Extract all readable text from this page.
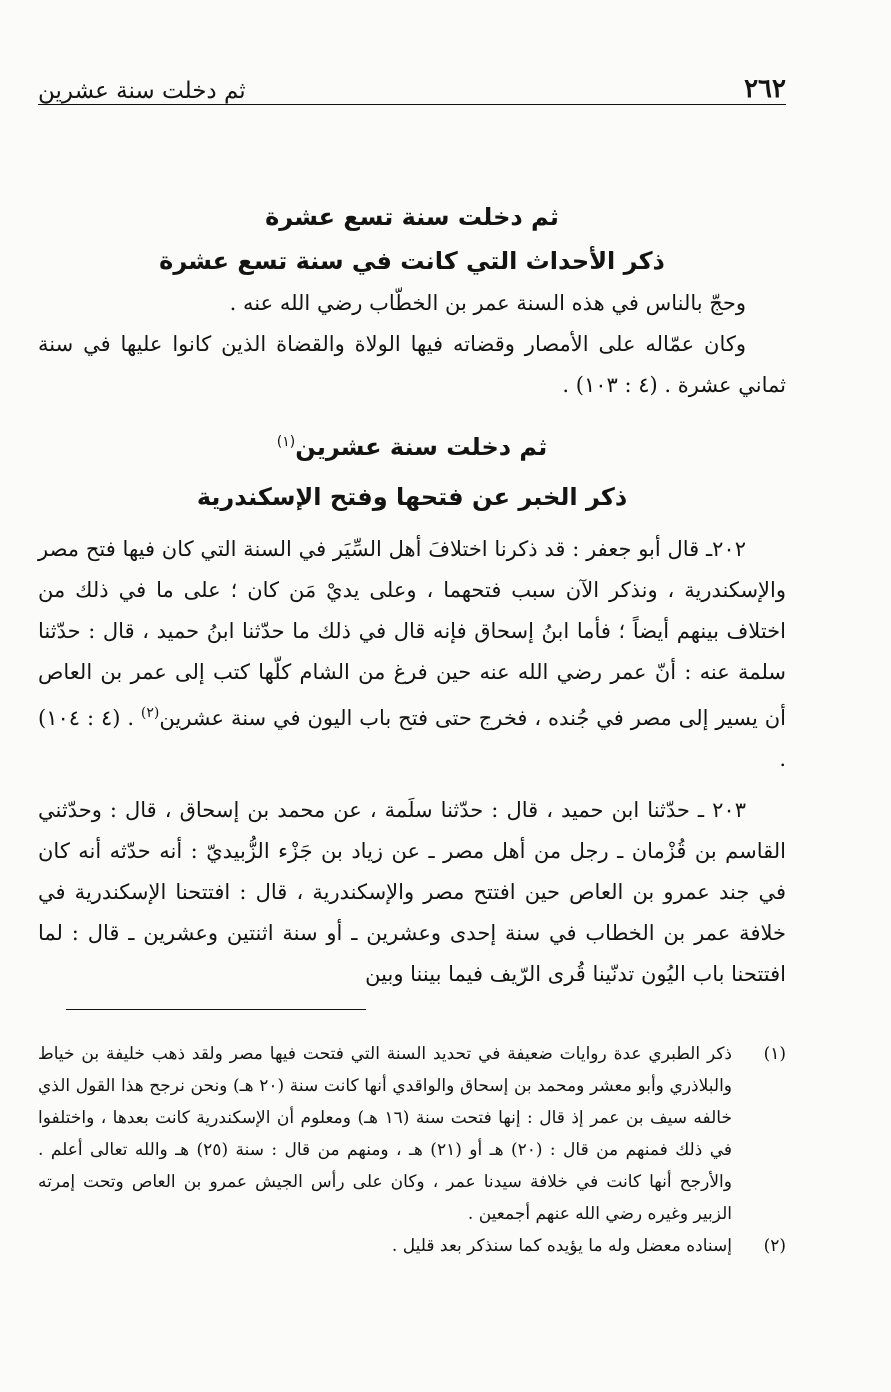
٢٦٢
ثم دخلت سنة عشرين
ثم دخلت سنة تسع عشرة
ذكر الأحداث التي كانت في سنة تسع عشرة

وحجّ بالناس في هذه السنة عمر بن الخطّاب رضي الله عنه .

وكان عمّاله على الأمصار وقضاته فيها الولاة والقضاة الذين كانوا عليها في سنة ثماني عشرة . (٤ : ١٠٣) .

ثم دخلت سنة عشرين$^{(١)}$
ذكر الخبر عن فتحها وفتح الإسكندرية

٢٠٢ـ قال أبو جعفر : قد ذكرنا اختلافَ أهل السِّيَر في السنة التي كان فيها فتح مصر والإسكندرية ، ونذكر الآن سبب فتحهما ، وعلى يديْ مَن كان ؛ على ما في ذلك من اختلاف بينهم أيضاً ؛ فأما ابنُ إسحاق فإنه قال في ذلك ما حدّثنا ابنُ حميد ، قال : حدّثنا سلمة عنه : أنّ عمر رضي الله عنه حين فرغ من الشام كلّها كتب إلى عمر بن العاص أن يسير إلى مصر في جُنده ، فخرج حتى فتح باب اليون في سنة عشرين$^{(٢)}$ . (٤ : ١٠٤) .

٢٠٣ ـ حدّثنا ابن حميد ، قال : حدّثنا سلَمة ، عن محمد بن إسحاق ، قال : وحدّثني القاسم بن قُزْمان ـ رجل من أهل مصر ـ عن زياد بن جَزْء الزُّبيديّ : أنه حدّثه أنه كان في جند عمرو بن العاص حين افتتح مصر والإسكندرية ، قال : افتتحنا الإسكندرية في خلافة عمر بن الخطاب في سنة إحدى وعشرين ـ أو سنة اثنتين وعشرين ـ قال : لما افتتحنا باب اليُون تدنّينا قُرى الرّيف فيما بيننا وبين

(١)
ذكر الطبري عدة روايات ضعيفة في تحديد السنة التي فتحت فيها مصر ولقد ذهب خليفة بن خياط والبلاذري وأبو معشر ومحمد بن إسحاق والواقدي أنها كانت سنة (٢٠ هـ) ونحن نرجح هذا القول الذي خالفه سيف بن عمر إذ قال : إنها فتحت سنة (١٦ هـ) ومعلوم أن الإسكندرية كانت بعدها ، واختلفوا في ذلك فمنهم من قال : (٢٠) هـ أو (٢١) هـ ، ومنهم من قال : سنة (٢٥) هـ والله تعالى أعلم . والأرجح أنها كانت في خلافة سيدنا عمر ، وكان على رأس الجيش عمرو بن العاص وتحت إمرته الزبير وغيره رضي الله عنهم أجمعين .
(٢)
إسناده معضل وله ما يؤيده كما سنذكر بعد قليل .
